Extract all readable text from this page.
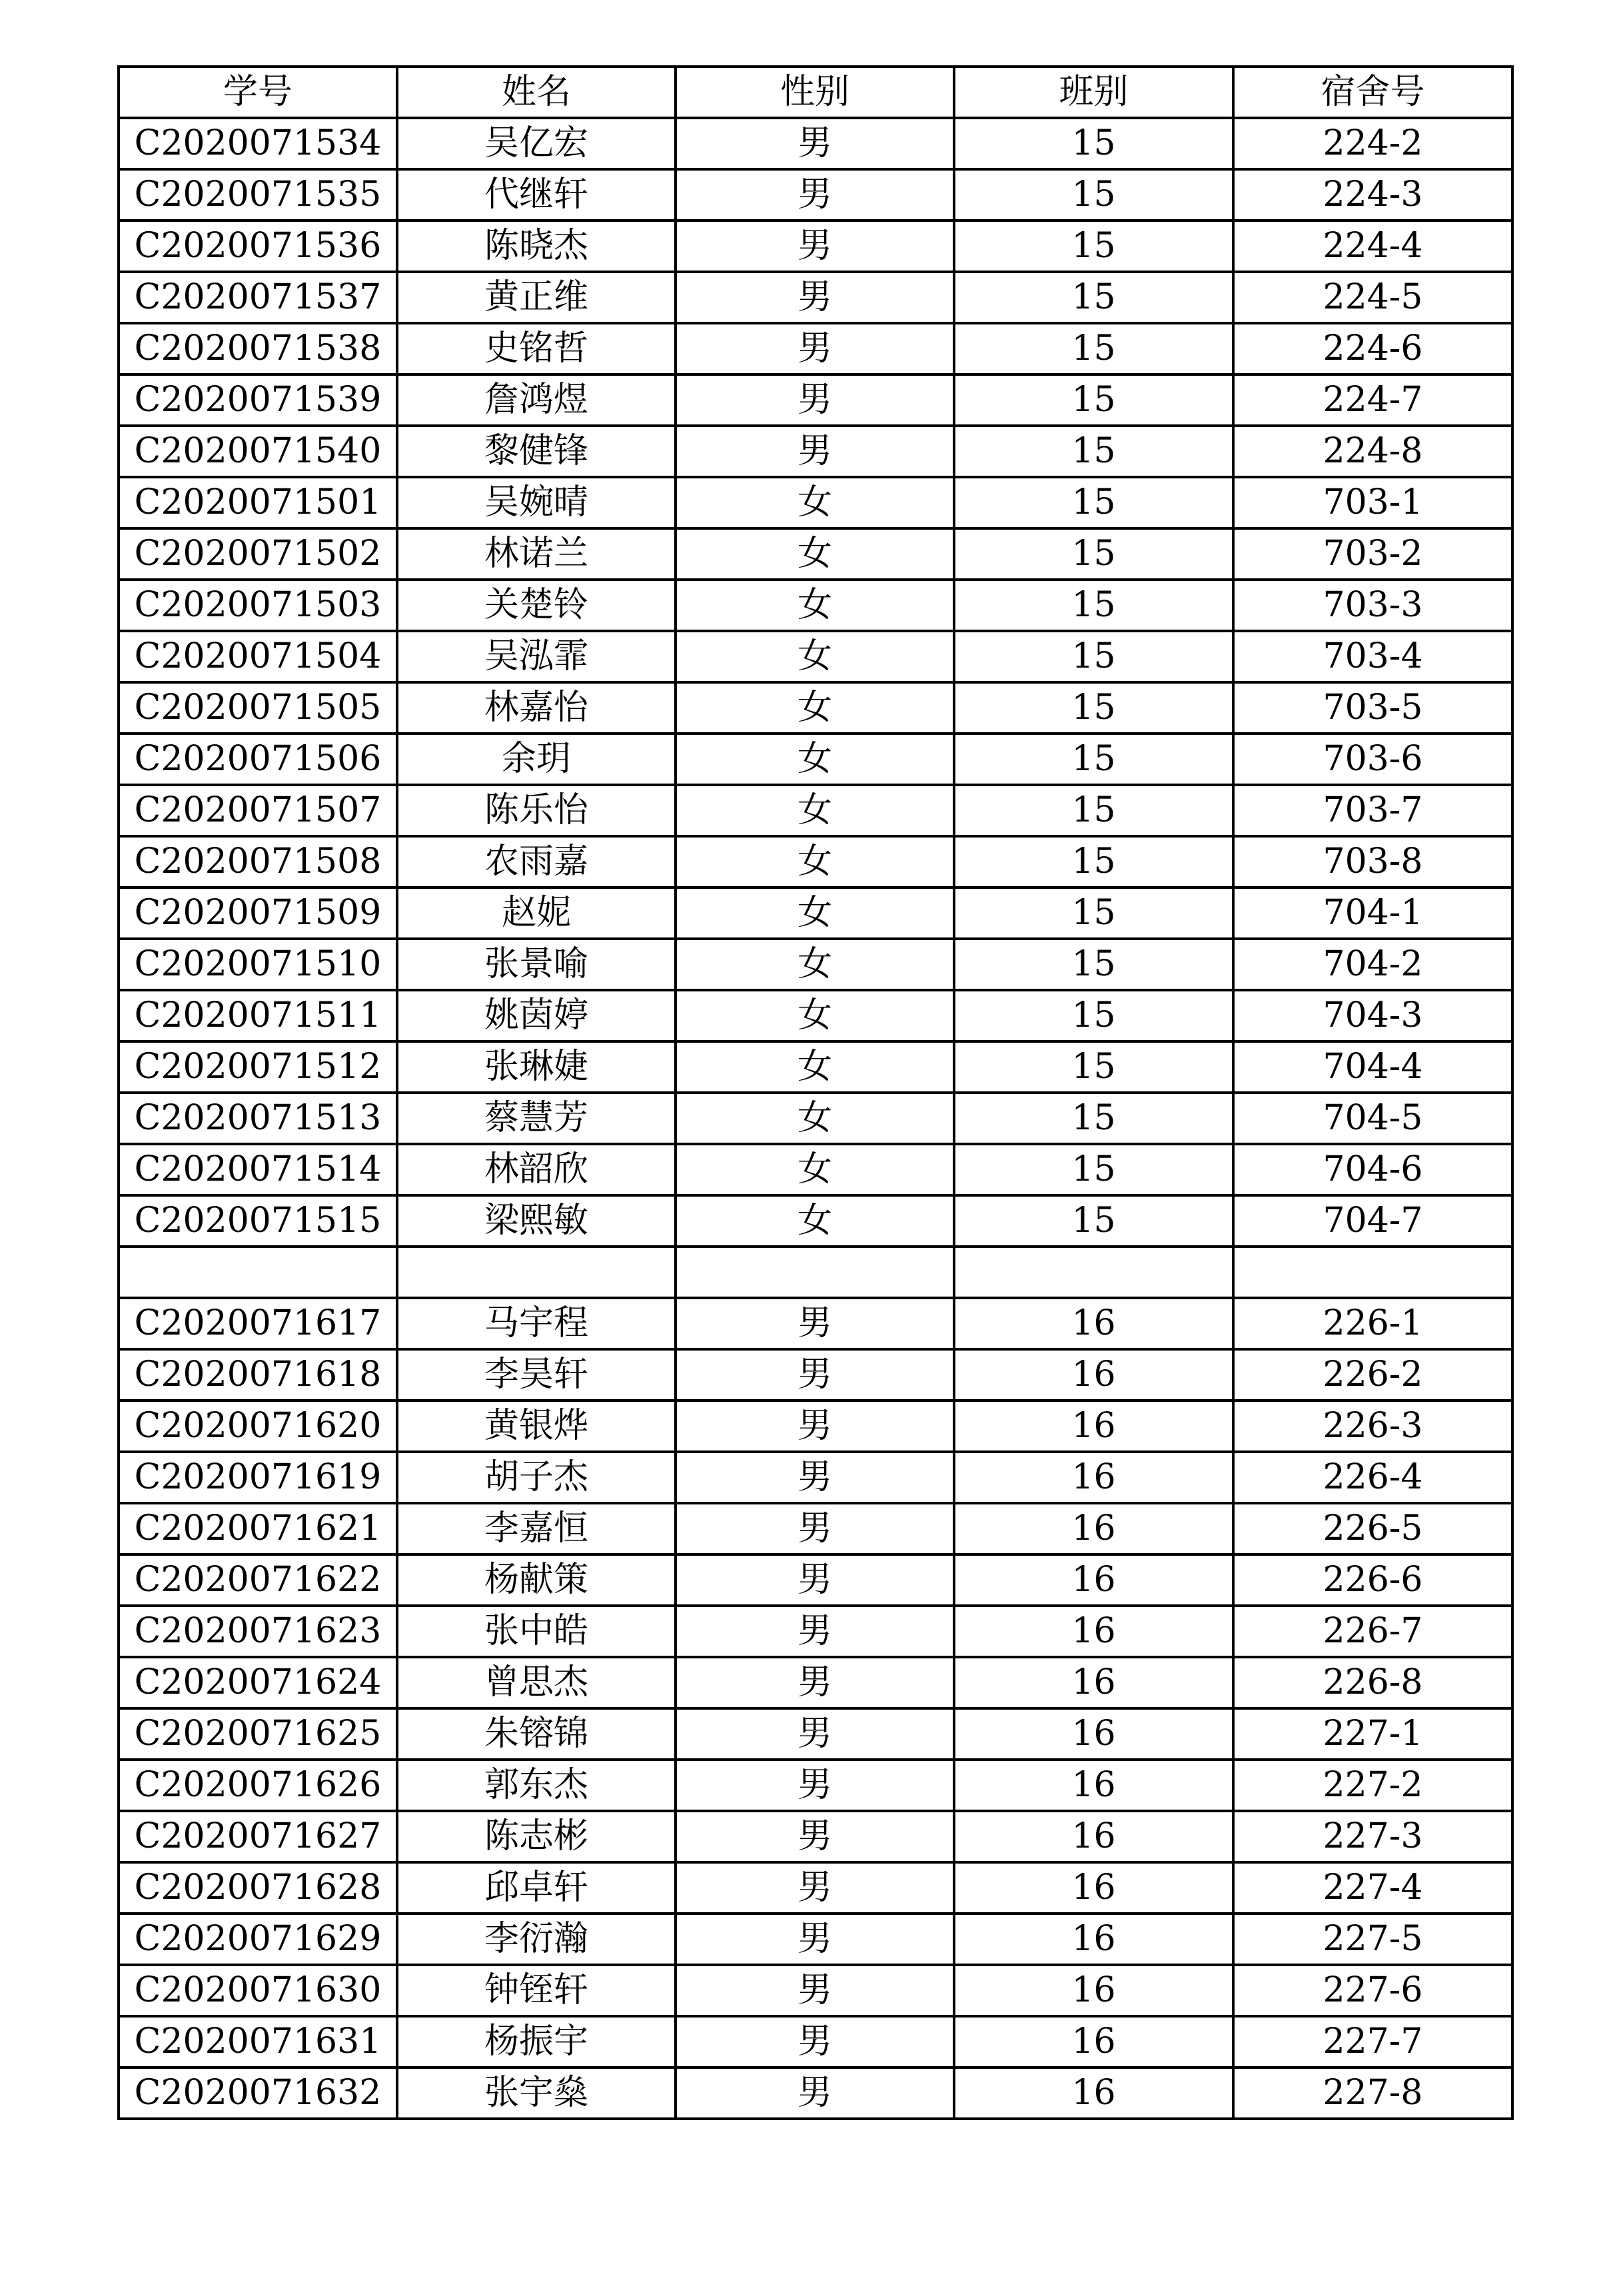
学号	姓名	性别	班别	宿舍号
C2020071534	吴亿宏	男	15	224-2
C2020071535	代继轩	男	15	224-3
C2020071536	陈晓杰	男	15	224-4
C2020071537	黄正维	男	15	224-5
C2020071538	史铭哲	男	15	224-6
C2020071539	詹鸿煜	男	15	224-7
C2020071540	黎健锋	男	15	224-8
C2020071501	吴婉晴	女	15	703-1
C2020071502	林诺兰	女	15	703-2
C2020071503	关楚铃	女	15	703-3
C2020071504	吴泓霏	女	15	703-4
C2020071505	林嘉怡	女	15	703-5
C2020071506	余玥	女	15	703-6
C2020071507	陈乐怡	女	15	703-7
C2020071508	农雨嘉	女	15	703-8
C2020071509	赵妮	女	15	704-1
C2020071510	张景喻	女	15	704-2
C2020071511	姚茵婷	女	15	704-3
C2020071512	张琳婕	女	15	704-4
C2020071513	蔡慧芳	女	15	704-5
C2020071514	林韶欣	女	15	704-6
C2020071515	梁熙敏	女	15	704-7

C2020071617	马宇程	男	16	226-1
C2020071618	李昊轩	男	16	226-2
C2020071620	黄银烨	男	16	226-3
C2020071619	胡子杰	男	16	226-4
C2020071621	李嘉恒	男	16	226-5
C2020071622	杨献策	男	16	226-6
C2020071623	张中皓	男	16	226-7
C2020071624	曾思杰	男	16	226-8
C2020071625	朱镕锦	男	16	227-1
C2020071626	郭东杰	男	16	227-2
C2020071627	陈志彬	男	16	227-3
C2020071628	邱卓轩	男	16	227-4
C2020071629	李衍瀚	男	16	227-5
C2020071630	钟铚轩	男	16	227-6
C2020071631	杨振宇	男	16	227-7
C2020071632	张宇燊	男	16	227-8
